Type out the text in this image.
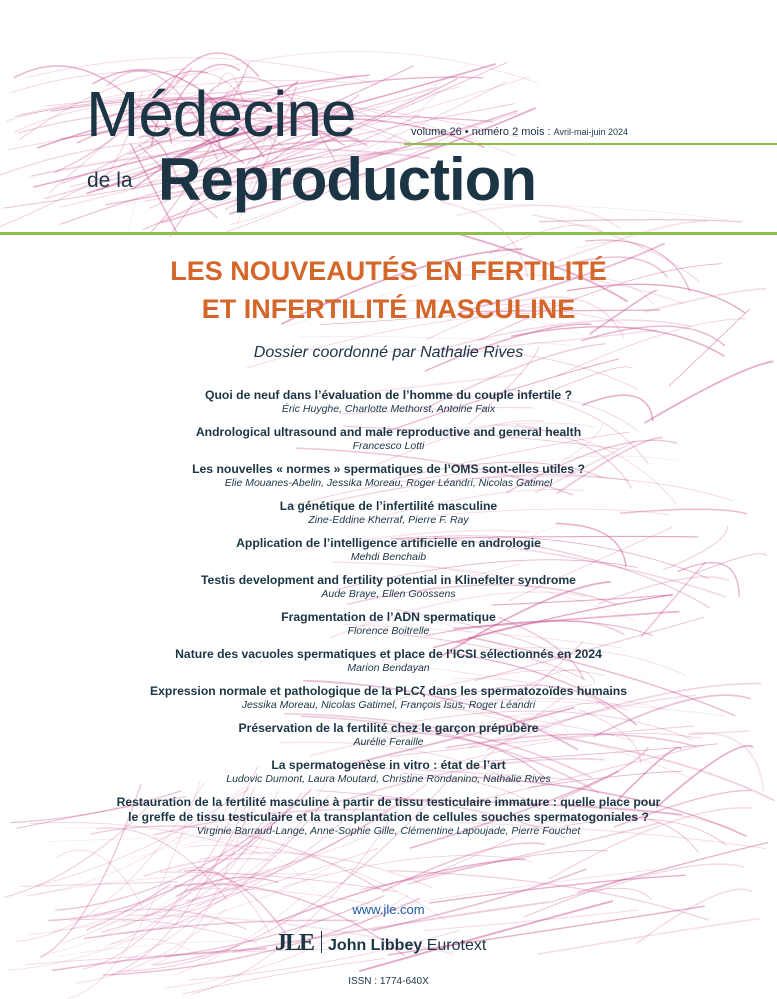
Médecine	volume 26 • numéro 2 mois : Avril-mai-juin 2024
de la Reproduction
LES NOUVEAUTÉS EN FERTILITÉ
ET INFERTILITÉ MASCULINE
Dossier coordonné par Nathalie Rives
Quoi de neuf dans l’évaluation de l’homme du couple infertile ?
Éric Huyghe, Charlotte Methorst, Antoine Faix
Andrological ultrasound and male reproductive and general health
Francesco Lotti
Les nouvelles « normes » spermatiques de l’OMS sont-elles utiles ?
Elie Mouanes-Abelin, Jessika Moreau, Roger Léandri, Nicolas Gatimel
La génétique de l’infertilité masculine
Zine-Eddine Kherraf, Pierre F. Ray
Application de l’intelligence artificielle en andrologie
Mehdi Benchaib
Testis development and fertility potential in Klinefelter syndrome
Aude Braye, Ellen Goossens
Fragmentation de l’ADN spermatique
Florence Boitrelle
Nature des vacuoles spermatiques et place de l’ICSI sélectionnés en 2024
Marion Bendayan
Expression normale et pathologique de la PLCζ dans les spermatozoïdes humains
Jessika Moreau, Nicolas Gatimel, François Isus, Roger Léandri
Préservation de la fertilité chez le garçon prépubère
Aurélie Feraille
La spermatogenèse in vitro : état de l’art
Ludovic Dumont, Laura Moutard, Christine Rondanino, Nathalie Rives
Restauration de la fertilité masculine à partir de tissu testiculaire immature : quelle place pour
le greffe de tissu testiculaire et la transplantation de cellules souches spermatogoniales ?
Virginie Barraud-Lange, Anne-Sophie Gille, Clémentine Lapoujade, Pierre Fouchet
www.jle.com
JLE John Libbey Eurotext
ISSN : 1774-640X
